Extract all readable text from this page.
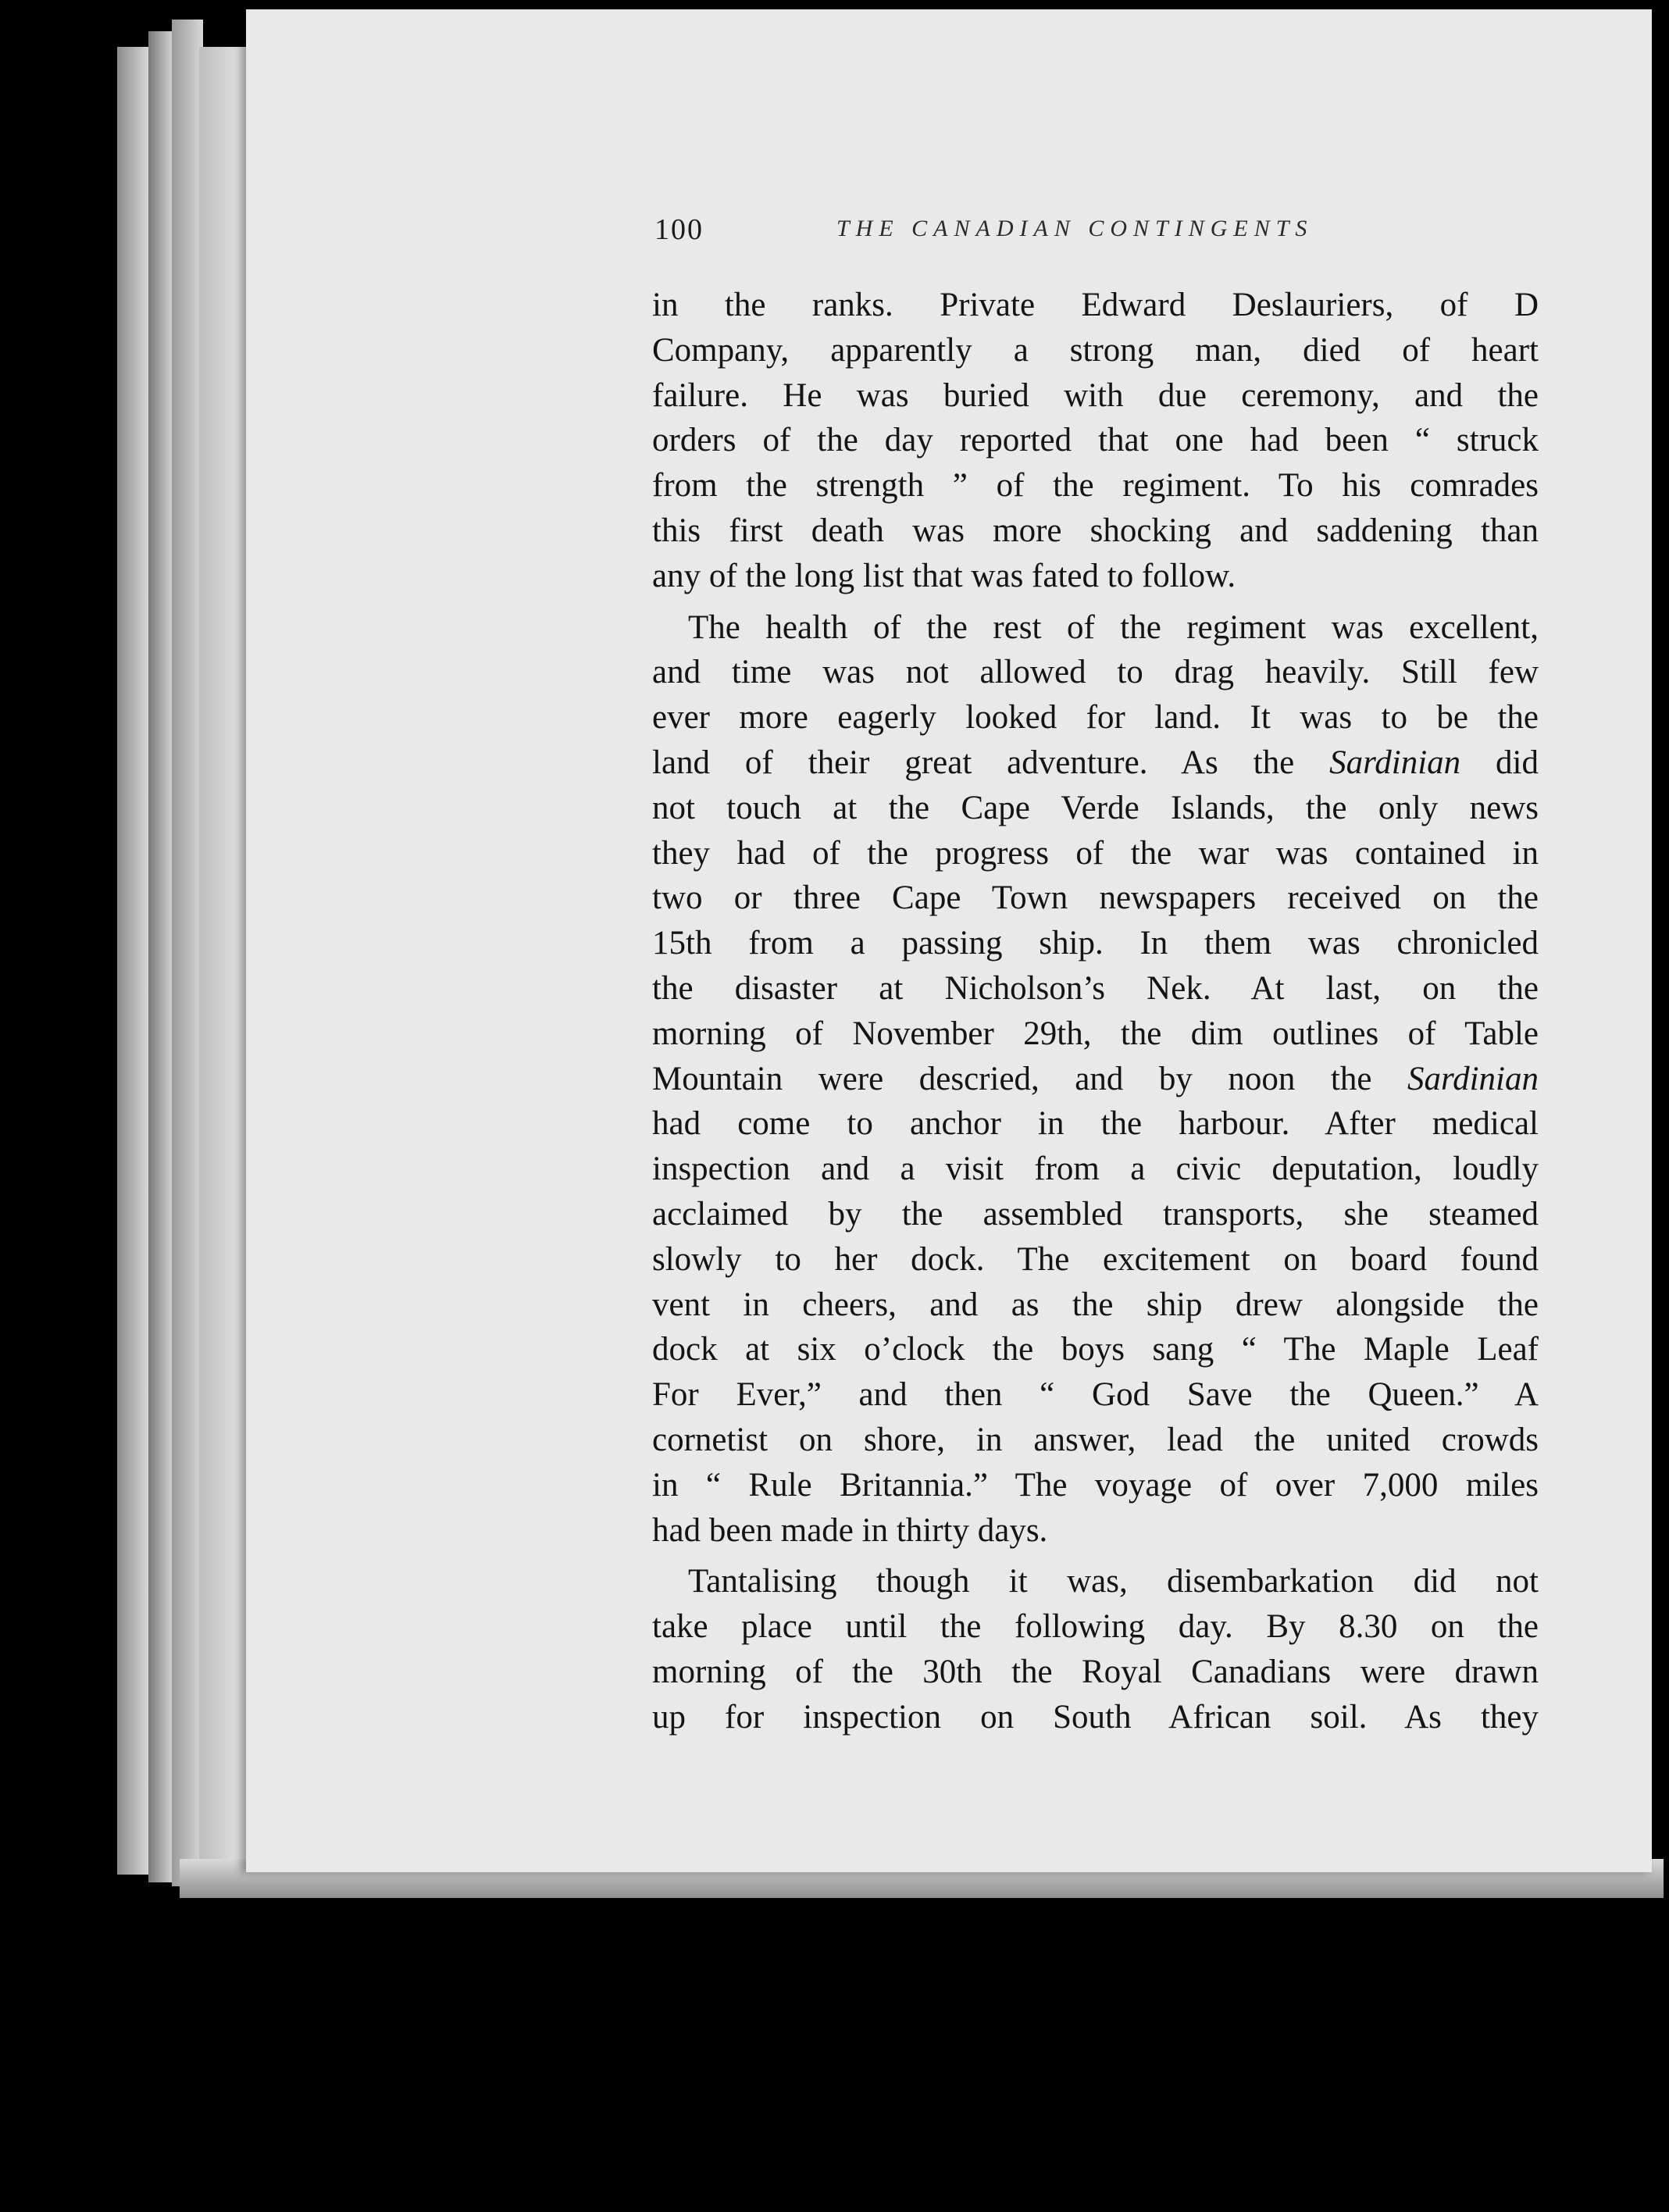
100	THE CANADIAN CONTINGENTS
in the ranks. Private Edward Deslauriers, of D
Company, apparently a strong man, died of heart
failure. He was buried with due ceremony, and the
orders of the day reported that one had been “ struck
from the strength ” of the regiment. To his comrades
this first death was more shocking and saddening than
any of the long list that was fated to follow.
The health of the rest of the regiment was excellent,
and time was not allowed to drag heavily. Still few
ever more eagerly looked for land. It was to be the
land of their great adventure. As the Sardinian did
not touch at the Cape Verde Islands, the only news
they had of the progress of the war was contained in
two or three Cape Town newspapers received on the
15th from a passing ship. In them was chronicled
the disaster at Nicholson’s Nek. At last, on the
morning of November 29th, the dim outlines of Table
Mountain were descried, and by noon the Sardinian
had come to anchor in the harbour. After medical
inspection and a visit from a civic deputation, loudly
acclaimed by the assembled transports, she steamed
slowly to her dock. The excitement on board found
vent in cheers, and as the ship drew alongside the
dock at six o’clock the boys sang “ The Maple Leaf
For Ever,” and then “ God Save the Queen.” A
cornetist on shore, in answer, lead the united crowds
in “ Rule Britannia.” The voyage of over 7,000 miles
had been made in thirty days.
Tantalising though it was, disembarkation did not
take place until the following day. By 8.30 on the
morning of the 30th the Royal Canadians were drawn
up for inspection on South African soil. As they
